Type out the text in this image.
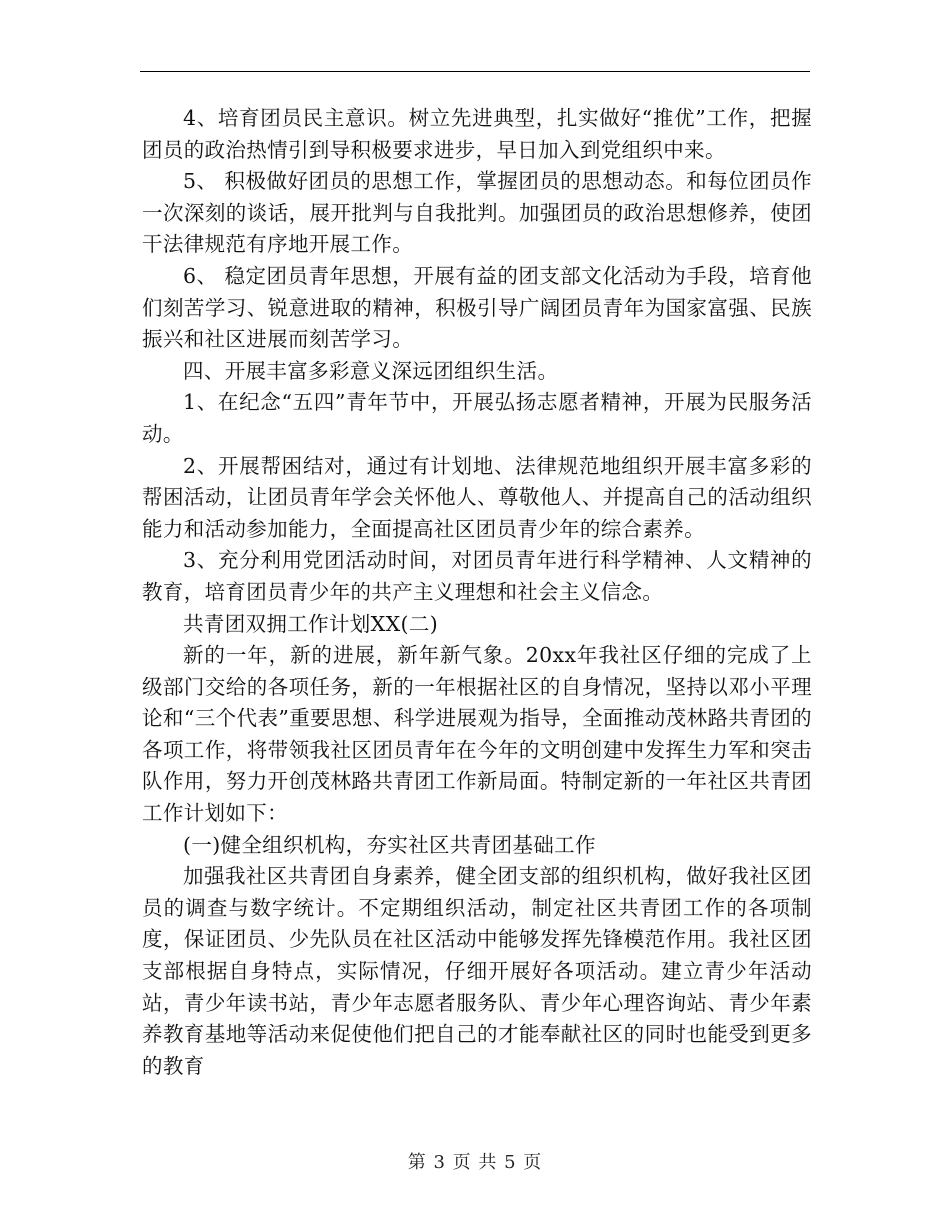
4、培育团员民主意识。树立先进典型，扎实做好“推优”工作，把握团员的政治热情引到导积极要求进步，早日加入到党组织中来。

5、 积极做好团员的思想工作，掌握团员的思想动态。和每位团员作一次深刻的谈话，展开批判与自我批判。加强团员的政治思想修养，使团干法律规范有序地开展工作。

6、 稳定团员青年思想，开展有益的团支部文化活动为手段，培育他们刻苦学习、锐意进取的精神，积极引导广阔团员青年为国家富强、民族振兴和社区进展而刻苦学习。

四、开展丰富多彩意义深远团组织生活。

1、在纪念“五四”青年节中，开展弘扬志愿者精神，开展为民服务活动。

2、开展帮困结对，通过有计划地、法律规范地组织开展丰富多彩的帮困活动，让团员青年学会关怀他人、尊敬他人、并提高自己的活动组织能力和活动参加能力，全面提高社区团员青少年的综合素养。

3、充分利用党团活动时间，对团员青年进行科学精神、人文精神的教育，培育团员青少年的共产主义理想和社会主义信念。

共青团双拥工作计划XX(二)

新的一年，新的进展，新年新气象。20xx年我社区仔细的完成了上级部门交给的各项任务，新的一年根据社区的自身情况，坚持以邓小平理论和“三个代表”重要思想、科学进展观为指导，全面推动茂林路共青团的各项工作，将带领我社区团员青年在今年的文明创建中发挥生力军和突击队作用，努力开创茂林路共青团工作新局面。特制定新的一年社区共青团工作计划如下：

(一)健全组织机构，夯实社区共青团基础工作

加强我社区共青团自身素养，健全团支部的组织机构，做好我社区团员的调查与数字统计。不定期组织活动，制定社区共青团工作的各项制度，保证团员、少先队员在社区活动中能够发挥先锋模范作用。我社区团支部根据自身特点，实际情况，仔细开展好各项活动。建立青少年活动站，青少年读书站，青少年志愿者服务队、青少年心理咨询站、青少年素养教育基地等活动来促使他们把自己的才能奉献社区的同时也能受到更多的教育

第 3 页 共 5 页
